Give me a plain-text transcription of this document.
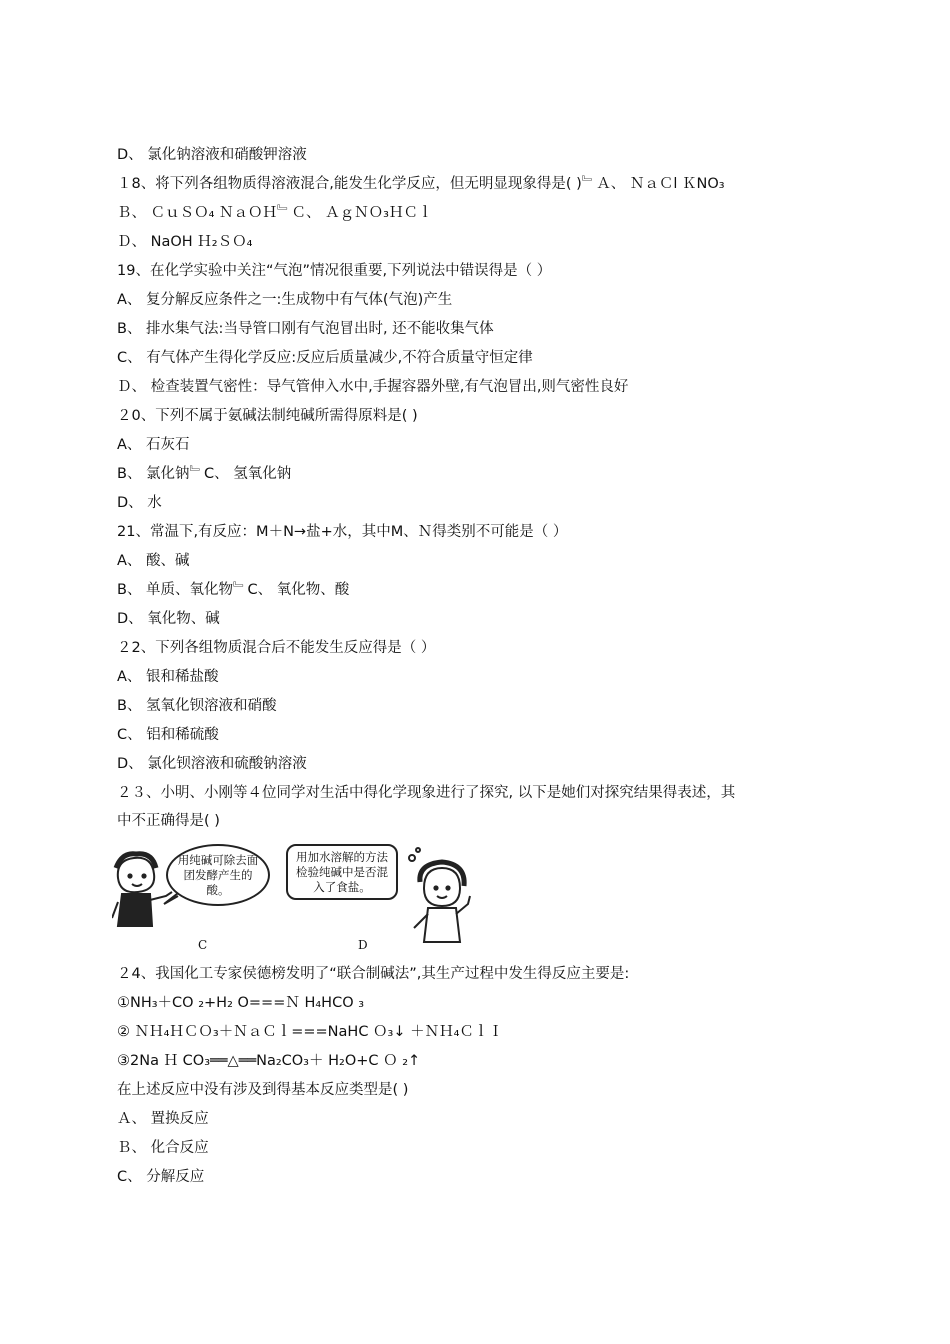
D、 氯化钠溶液和硝酸钾溶液
１8、将下列各组物质得溶液混合,能发生化学反应，但无明显现象得是( )﹄Ａ、 ＮａＣl ＫNO₃
Ｂ、 ＣｕＳＯ₄ ＮａＯＨ﹄Ｃ、 ＡｇＮＯ₃ＨＣｌ
Ｄ、 NaOH Ｈ₂ＳＯ₄
19、在化学实验中关注“气泡”情况很重要,下列说法中错误得是（ ）
A、 复分解反应条件之一:生成物中有气体(气泡)产生
B、 排水集气法:当导管口刚有气泡冒出时, 还不能收集气体
C、 有气体产生得化学反应:反应后质量减少,不符合质量守恒定律
Ｄ、 检查装置气密性：导气管伸入水中,手握容器外壁,有气泡冒出,则气密性良好
２0、下列不属于氨碱法制纯碱所需得原料是( )
A、 石灰石
B、 氯化钠﹄C、 氢氧化钠
D、 水
21、常温下,有反应：M＋N→盐+水，其中M、Ｎ得类别不可能是（ ）
A、 酸、碱
B、 单质、氧化物﹄C、 氧化物、酸
D、 氧化物、碱
２2、下列各组物质混合后不能发生反应得是（ ）
A、 银和稀盐酸
B、 氢氧化钡溶液和硝酸
C、 铝和稀硫酸
D、 氯化钡溶液和硫酸钠溶液
２３、小明、小刚等４位同学对生活中得化学现象进行了探究, 以下是她们对探究结果得表述，其
中不正确得是( )
用纯碱可除去面团发酵产生的酸。
用加水溶解的方法检验纯碱中是否混入了食盐。
C	D
２4、我国化工专家侯德榜发明了“联合制碱法”,其生产过程中发生得反应主要是:
①NH₃＋CO ₂+H₂ O===Ｎ H₄HCO ₃
② ＮＨ₄ＨＣＯ₃＋ＮａＣｌ===NaHC Ｏ₃↓ ＋ＮＨ₄ＣｌＩ
③2Na Ｈ CO₃══△══Na₂CO₃＋ H₂O+C Ｏ ₂↑
在上述反应中没有涉及到得基本反应类型是( )
Ａ、 置换反应
Ｂ、 化合反应
C、 分解反应
